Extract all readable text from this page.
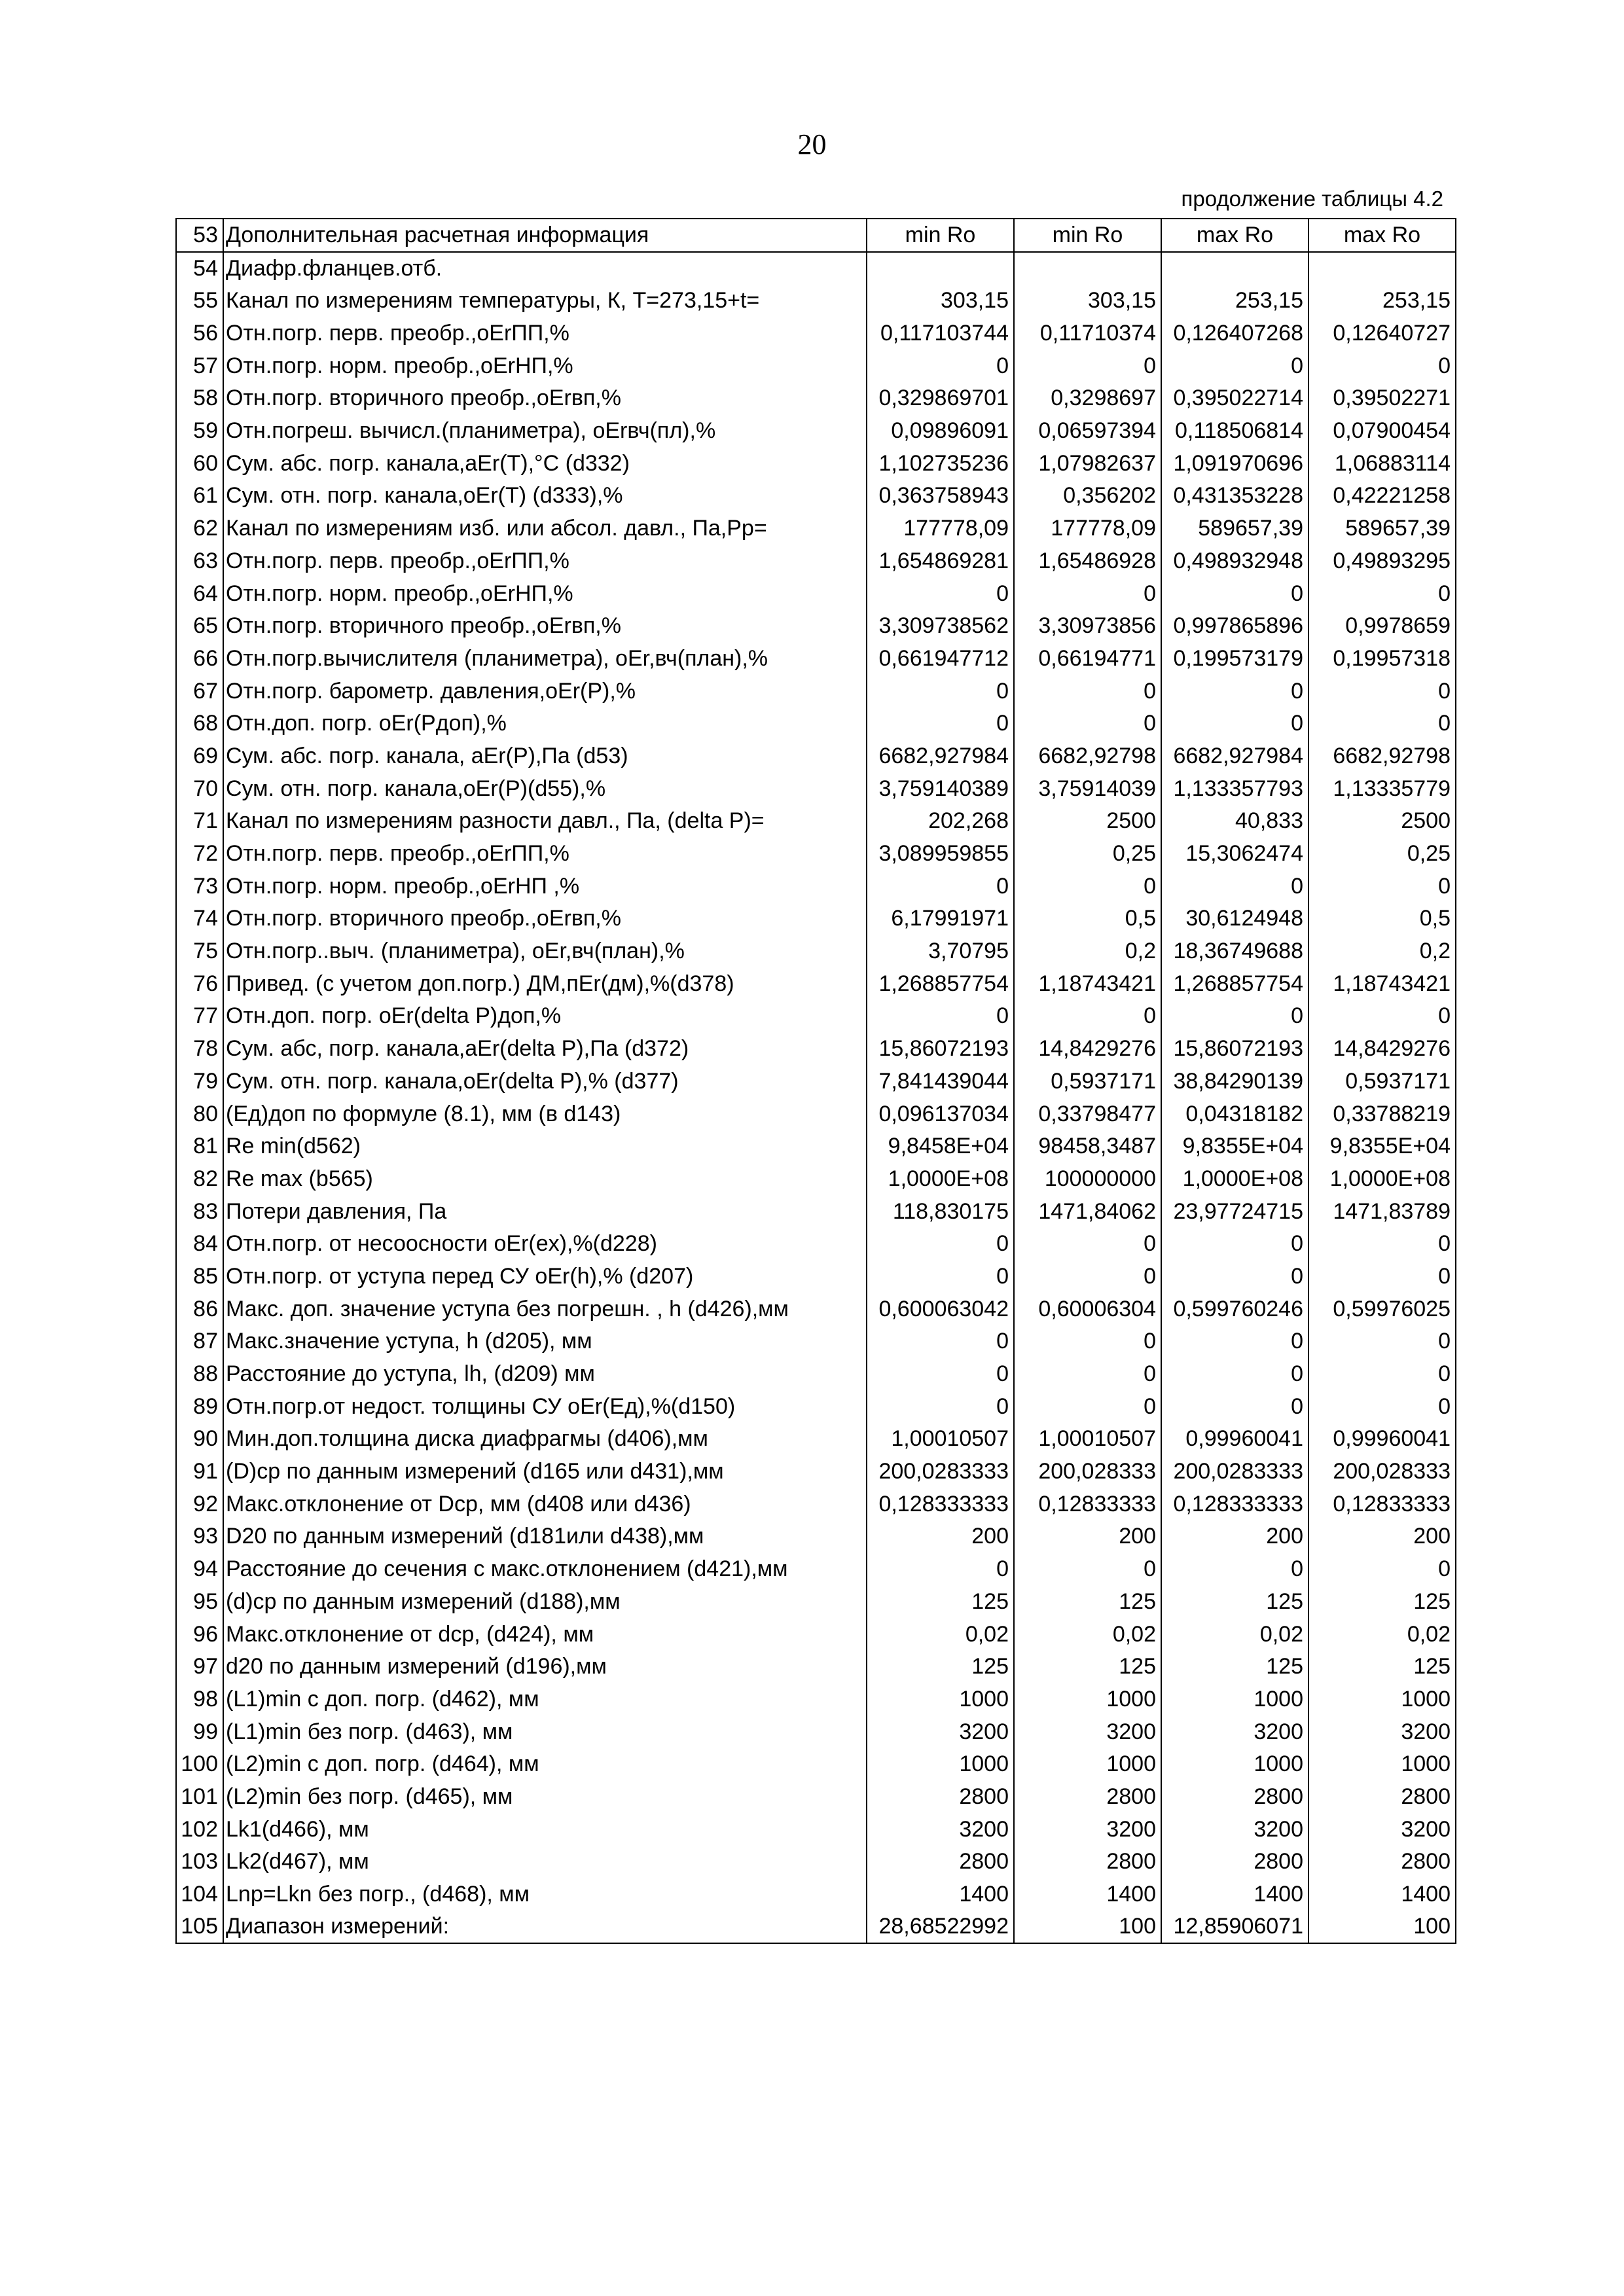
20
продолжение таблицы 4.2
53	Дополнительная расчетная информация	min Ro	min Ro	max Ro	max Ro
54	Диафр.фланцев.отб.				
55	Канал по измерениям температуры, К, T=273,15+t=	303,15	303,15	253,15	253,15
56	Отн.погр. перв. преобр.,oErПП,%	0,117103744	0,11710374	0,126407268	0,12640727
57	Отн.погр. норм. преобр.,oErНП,%	0	0	0	0
58	Отн.погр. вторичного преобр.,oErвп,%	0,329869701	0,3298697	0,395022714	0,39502271
59	Отн.погреш. вычисл.(планиметра), oErвч(пл),%	0,09896091	0,06597394	0,118506814	0,07900454
60	Сум. абс. погр. канала,aEr(T),°С (d332)	1,102735236	1,07982637	1,091970696	1,06883114
61	Сум. отн. погр. канала,oEr(T) (d333),%	0,363758943	0,356202	0,431353228	0,42221258
62	Канал по измерениям изб. или абсол. давл., Па,Pp=	177778,09	177778,09	589657,39	589657,39
63	Отн.погр. перв. преобр.,oErПП,%	1,654869281	1,65486928	0,498932948	0,49893295
64	Отн.погр. норм. преобр.,oErНП,%	0	0	0	0
65	Отн.погр. вторичного преобр.,oErвп,%	3,309738562	3,30973856	0,997865896	0,9978659
66	Отн.погр.вычислителя (планиметра), oEr,вч(план),%	0,661947712	0,66194771	0,199573179	0,19957318
67	Отн.погр. барометр. давления,oEr(P),%	0	0	0	0
68	Отн.доп. погр. oEr(Pдоп),%	0	0	0	0
69	Сум. абс. погр. канала, aEr(P),Па (d53)	6682,927984	6682,92798	6682,927984	6682,92798
70	Сум. отн. погр. канала,oEr(P)(d55),%	3,759140389	3,75914039	1,133357793	1,13335779
71	Канал по измерениям разности давл., Па, (delta P)=	202,268	2500	40,833	2500
72	Отн.погр. перв. преобр.,oErПП,%	3,089959855	0,25	15,3062474	0,25
73	Отн.погр. норм. преобр.,oErНП ,%	0	0	0	0
74	Отн.погр. вторичного преобр.,oErвп,%	6,17991971	0,5	30,6124948	0,5
75	Отн.погр..выч. (планиметра), oEr,вч(план),%	3,70795	0,2	18,36749688	0,2
76	Привед. (с учетом доп.погр.) ДМ,пEr(дм),%(d378)	1,268857754	1,18743421	1,268857754	1,18743421
77	Отн.доп. погр. oEr(delta P)доп,%	0	0	0	0
78	Сум. абс, погр. канала,aEr(delta P),Па (d372)	15,86072193	14,8429276	15,86072193	14,8429276
79	Сум. отн. погр. канала,oEr(delta P),% (d377)	7,841439044	0,5937171	38,84290139	0,5937171
80	(Ед)доп по формуле (8.1), мм (в d143)	0,096137034	0,33798477	0,04318182	0,33788219
81	Re min(d562)	9,8458E+04	98458,3487	9,8355E+04	9,8355E+04
82	Re max (b565)	1,0000E+08	100000000	1,0000E+08	1,0000E+08
83	Потери давления, Па	118,830175	1471,84062	23,97724715	1471,83789
84	Отн.погр. от несоосности oEr(ex),%(d228)	0	0	0	0
85	Отн.погр. от уступа перед СУ oEr(h),% (d207)	0	0	0	0
86	Макс. доп. значение уступа без погрешн. , h (d426),мм	0,600063042	0,60006304	0,599760246	0,59976025
87	Макс.значение уступа, h (d205), мм	0	0	0	0
88	Расстояние до уступа, lh, (d209) мм	0	0	0	0
89	Отн.погр.от недост. толщины СУ oEr(Ед),%(d150)	0	0	0	0
90	Мин.доп.толщина диска диафрагмы (d406),мм	1,00010507	1,00010507	0,99960041	0,99960041
91	(D)ср по данным измерений (d165 или d431),мм	200,0283333	200,028333	200,0283333	200,028333
92	Макс.отклонение от Dср, мм (d408 или d436)	0,128333333	0,12833333	0,128333333	0,12833333
93	D20 по данным измерений (d181или d438),мм	200	200	200	200
94	Расстояние до сечения с макс.отклонением (d421),мм	0	0	0	0
95	(d)ср по данным измерений (d188),мм	125	125	125	125
96	Макс.отклонение от dср, (d424), мм	0,02	0,02	0,02	0,02
97	d20 по данным измерений (d196),мм	125	125	125	125
98	(L1)min с доп. погр. (d462), мм	1000	1000	1000	1000
99	(L1)min без погр. (d463), мм	3200	3200	3200	3200
100	(L2)min с доп. погр. (d464), мм	1000	1000	1000	1000
101	(L2)min без погр. (d465), мм	2800	2800	2800	2800
102	Lk1(d466), мм	3200	3200	3200	3200
103	Lk2(d467), мм	2800	2800	2800	2800
104	Lnp=Lkn без погр., (d468), мм	1400	1400	1400	1400
105	Диапазон измерений:	28,68522992	100	12,85906071	100
